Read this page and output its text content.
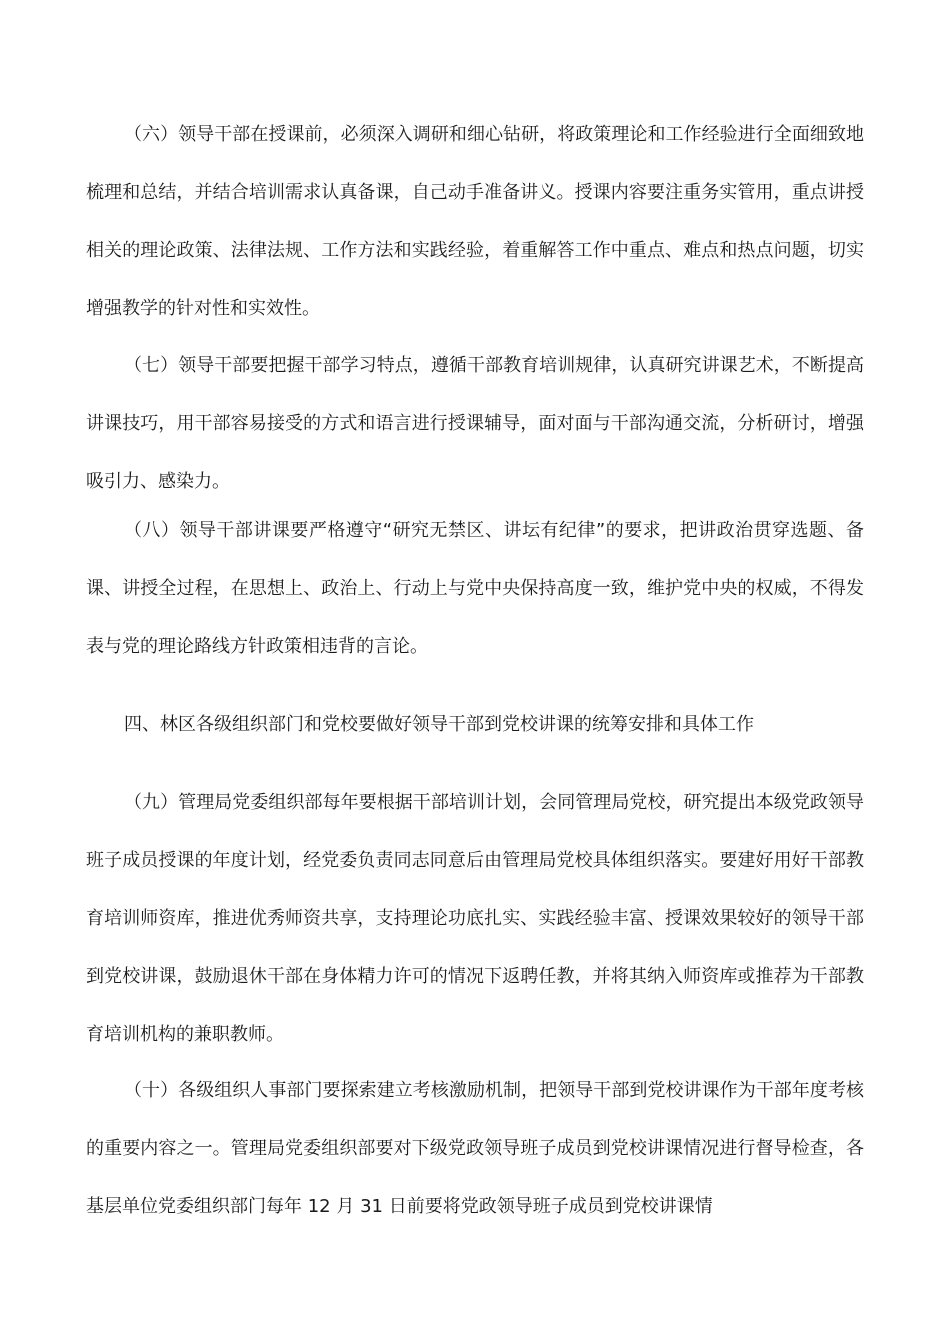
（六）领导干部在授课前，必须深入调研和细心钻研，将政策理论和工作经验进行全面细致地梳理和总结，并结合培训需求认真备课，自己动手准备讲义。授课内容要注重务实管用，重点讲授相关的理论政策、法律法规、工作方法和实践经验，着重解答工作中重点、难点和热点问题，切实增强教学的针对性和实效性。

（七）领导干部要把握干部学习特点，遵循干部教育培训规律，认真研究讲课艺术，不断提高讲课技巧，用干部容易接受的方式和语言进行授课辅导，面对面与干部沟通交流，分析研讨，增强吸引力、感染力。

（八）领导干部讲课要严格遵守“研究无禁区、讲坛有纪律”的要求，把讲政治贯穿选题、备课、讲授全过程，在思想上、政治上、行动上与党中央保持高度一致，维护党中央的权威，不得发表与党的理论路线方针政策相违背的言论。

四、林区各级组织部门和党校要做好领导干部到党校讲课的统筹安排和具体工作

（九）管理局党委组织部每年要根据干部培训计划，会同管理局党校，研究提出本级党政领导班子成员授课的年度计划，经党委负责同志同意后由管理局党校具体组织落实。要建好用好干部教育培训师资库，推进优秀师资共享，支持理论功底扎实、实践经验丰富、授课效果较好的领导干部到党校讲课，鼓励退休干部在身体精力许可的情况下返聘任教，并将其纳入师资库或推荐为干部教育培训机构的兼职教师。

（十）各级组织人事部门要探索建立考核激励机制，把领导干部到党校讲课作为干部年度考核的重要内容之一。管理局党委组织部要对下级党政领导班子成员到党校讲课情况进行督导检查，各基层单位党委组织部门每年 12 月 31 日前要将党政领导班子成员到党校讲课情
